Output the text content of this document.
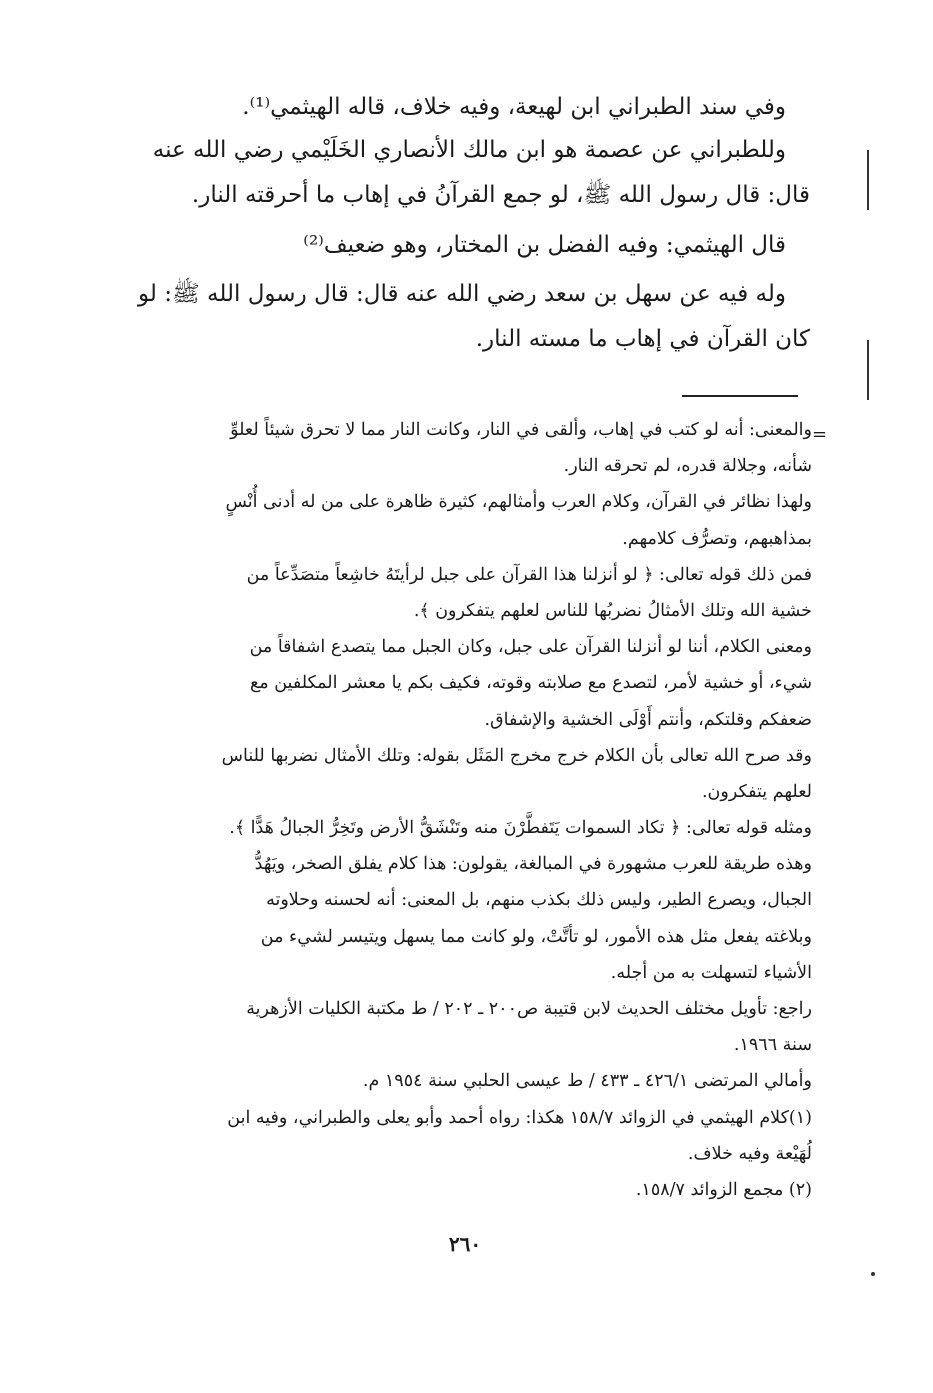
وفي سند الطبراني ابن لهيعة، وفيه خلاف، قاله الهيثمي⁽¹⁾.
وللطبراني عن عصمة هو ابن مالك الأنصاري الخَلَيْمي رضي الله عنه
قال: قال رسول الله ﷺ، لو جمع القرآنُ في إهاب ما أحرقته النار.
قال الهيثمي: وفيه الفضل بن المختار، وهو ضعيف⁽²⁾
وله فيه عن سهل بن سعد رضي الله عنه قال: قال رسول الله ﷺ: لو
كان القرآن في إهاب ما مسته النار.
=
والمعنى: أنه لو كتب في إهاب، وألقى في النار، وكانت النار مما لا تحرق شيئاً لعلوِّ
شأنه، وجلالة قدره، لم تحرقه النار.
ولهذا نظائر في القرآن، وكلام العرب وأمثالهم، كثيرة ظاهرة على من له أدنى أُنْسٍ
بمذاهبهم، وتصرُّف كلامهم.
فمن ذلك قوله تعالى: ﴿ لو أنزلنا هذا القرآن على جبل لرأيتَهُ خاشِعاً متصَدِّعاً من
خشية الله وتلك الأمثالُ نضربُها للناس لعلهم يتفكرون ﴾.
ومعنى الكلام، أننا لو أنزلنا القرآن على جبل، وكان الجبل مما يتصدع اشفاقاً من
شيء، أو خشية لأمر، لتصدع مع صلابته وقوته، فكيف بكم يا معشر المكلفين مع
ضعفكم وقلتكم، وأنتم أَوْلَى الخشية والإشفاق.
وقد صرح الله تعالى بأن الكلام خرج مخرج المَثَل بقوله: وتلك الأمثال نضربها للناس
لعلهم يتفكرون.
ومثله قوله تعالى: ﴿ تكاد السموات يَتَفطَّرْنَ منه وتَنْشَقُّ الأرض وتَخِرُّ الجبالُ هَدًّا ﴾.
وهذه طريقة للعرب مشهورة في المبالغة، يقولون: هذا كلام يفلق الصخر، ويَهُدُّ
الجبال، ويصرع الطير، وليس ذلك بكذب منهم، بل المعنى: أنه لحسنه وحلاوته
وبلاغته يفعل مثل هذه الأمور، لو تأتَّتْ، ولو كانت مما يسهل ويتيسر لشيء من
الأشياء لتسهلت به من أجله.
راجع: تأويل مختلف الحديث لابن قتيبة ص٢٠٠ ـ ٢٠٢ / ط مكتبة الكليات الأزهرية
سنة ١٩٦٦.
وأمالي المرتضى ٤٢٦/١ ـ ٤٣٣ / ط عيسى الحلبي سنة ١٩٥٤ م.
(١)كلام الهيثمي في الزوائد ١٥٨/٧ هكذا: رواه أحمد وأبو يعلى والطبراني، وفيه ابن
لُهَيْعة وفيه خلاف.
(٢) مجمع الزوائد ١٥٨/٧.
٢٦٠
